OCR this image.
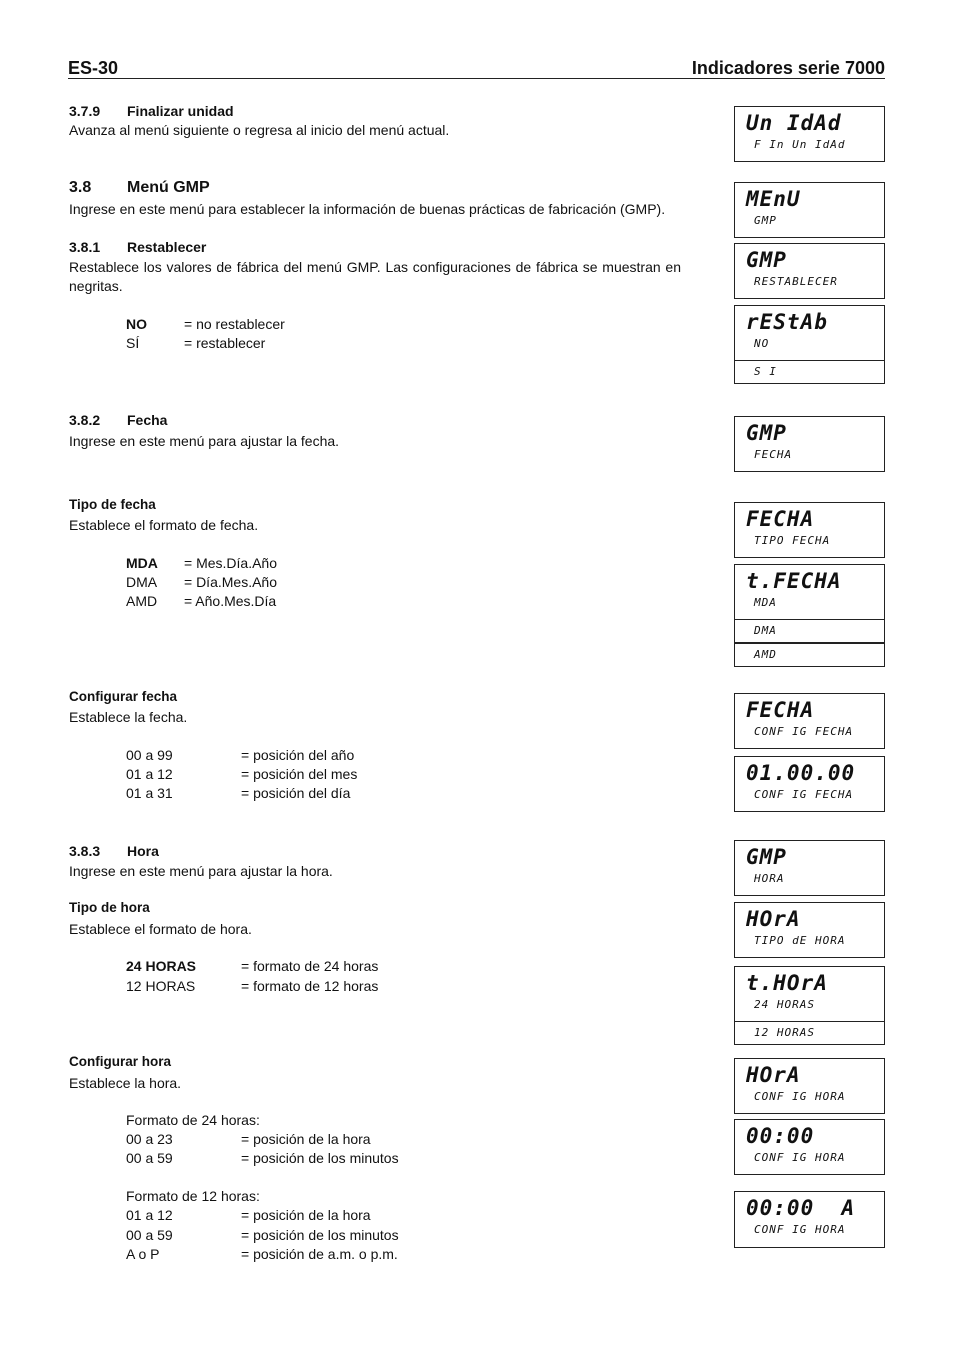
ES-30	Indicadores serie 7000
3.7.9 Finalizar unidad
Avanza al menú siguiente o regresa al inicio del menú actual.
3.8 Menú GMP
Ingrese en este menú para establecer la información de buenas prácticas de fabricación (GMP).
3.8.1 Restablecer
Restablece los valores de fábrica del menú GMP. Las configuraciones de fábrica se muestran en negritas.
NO	= no restablecer
SÍ	= restablecer
3.8.2 Fecha
Ingrese en este menú para ajustar la fecha.
Tipo de fecha
Establece el formato de fecha.
MDA = Mes.Día.Año
DMA = Día.Mes.Año
AMD = Año.Mes.Día
Configurar fecha
Establece la fecha.
00 a 99	= posición del año
01 a 12	= posición del mes
01 a 31	= posición del día
3.8.3 Hora
Ingrese en este menú para ajustar la hora.
Tipo de hora
Establece el formato de hora.
24 HORAS	= formato de 24 horas
12 HORAS	= formato de 12 horas
Configurar hora
Establece la hora.
Formato de 24 horas:
00 a 23	= posición de la hora
00 a 59	= posición de los minutos
Formato de 12 horas:
01 a 12	= posición de la hora
00 a 59	= posición de los minutos
A o P	= posición de a.m. o p.m.
Un IdAd
F In Un IdAd
MEnU
GMP
GMP
RESTABLECER
rEStAb
NO
S I
GMP
FECHA
FECHA
TIPO FECHA
t.FECHA
MDA
DMA
AMD
FECHA
CONF IG FECHA
01.00.00
CONF IG FECHA
GMP
HORA
HOrA
TIPO dE HORA
t.HOrA
24 HORAS
12 HORAS
HOrA
CONF IG HORA
00:00
CONF IG HORA
00:00  A
CONF IG HORA
